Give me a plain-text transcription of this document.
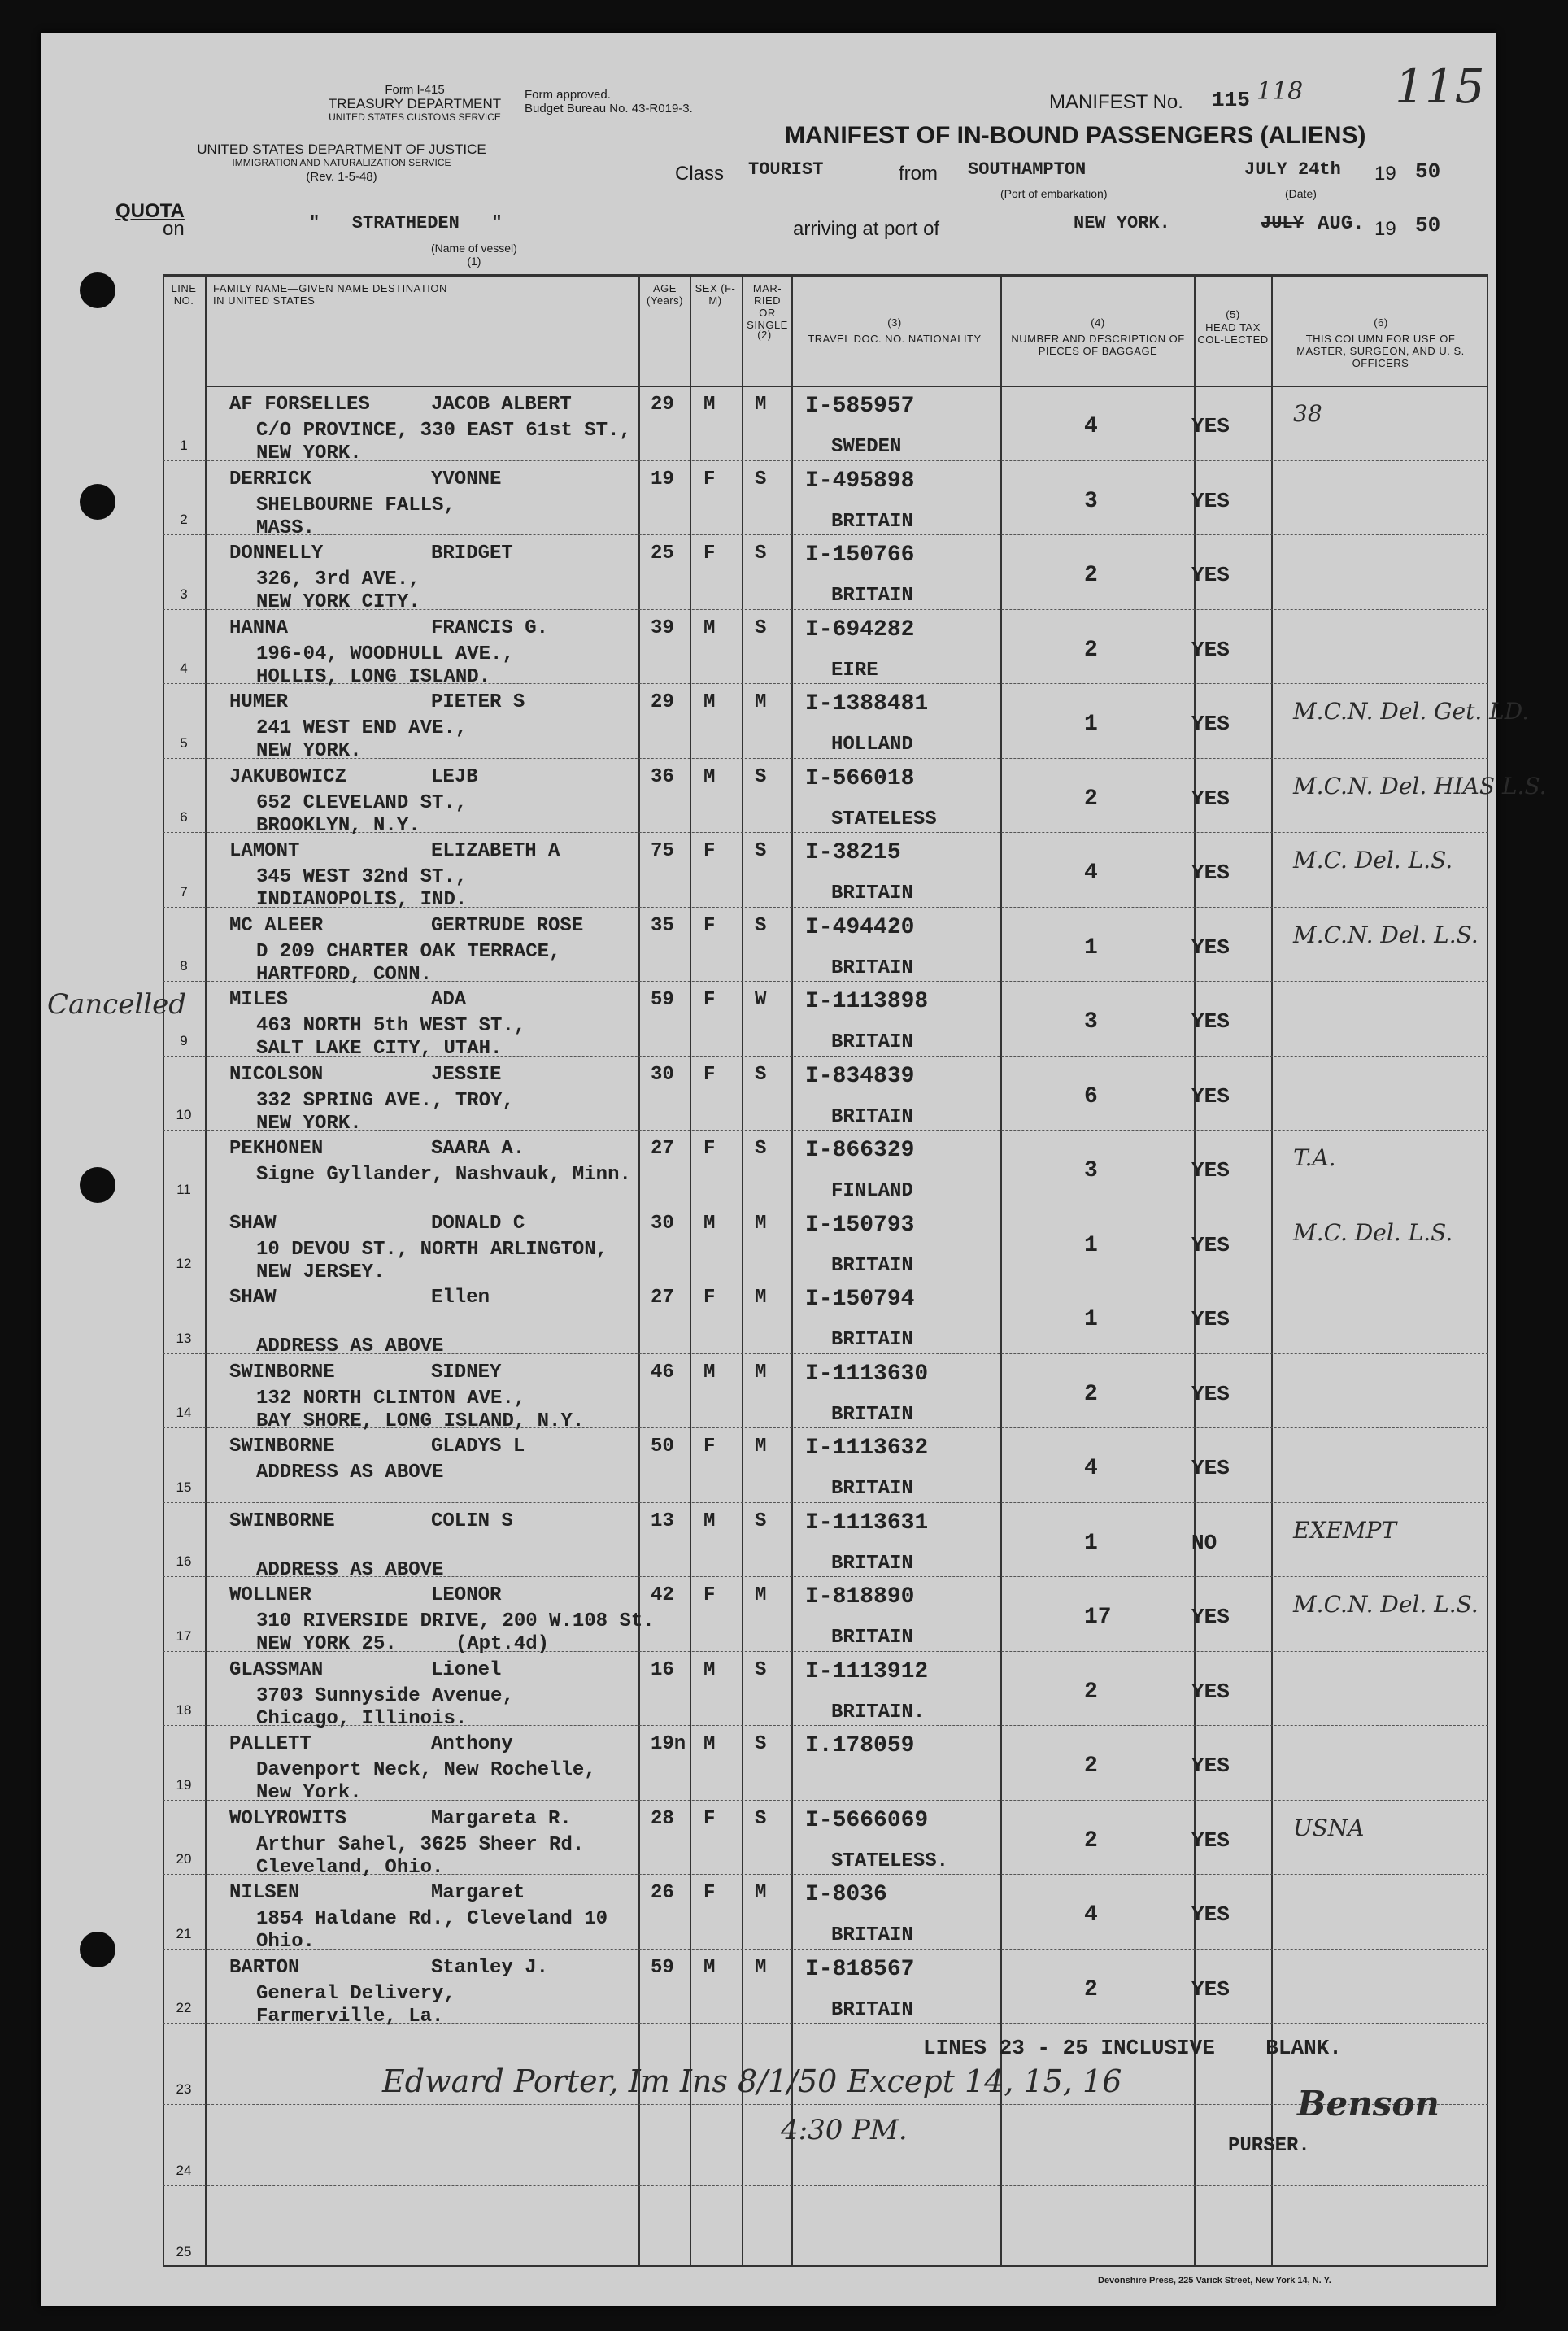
Form I-415
TREASURY DEPARTMENT
UNITED STATES CUSTOMS SERVICE
Form approved.
Budget Bureau No. 43-R019-3.
UNITED STATES DEPARTMENT OF JUSTICE
IMMIGRATION AND NATURALIZATION SERVICE
(Rev. 1-5-48)
MANIFEST No. 115 118 115
MANIFEST OF IN-BOUND PASSENGERS (ALIENS)
Class TOURIST	from SOUTHAMPTON
(Port of embarkation)
JULY 24th
(Date)
19 50
QUOTA
on	"   STRATHEDEN   "
(Name of vessel)
(1)
arriving at port of	NEW YORK.	JULY AUG. 19 50
LINE NO.
FAMILY NAME—GIVEN NAME DESTINATION IN UNITED STATES
AGE (Years)
SEX (F-M)
MAR-RIED OR SINGLE
TRAVEL DOC. NO. NATIONALITY	NUMBER AND DESCRIPTION OF PIECES OF BAGGAGE
HEAD TAX COL-LECTED	THIS COLUMN FOR USE OF MASTER, SURGEON, AND U. S. OFFICERS
(2)
(3)	(4)
(5)
(6)
1
AF FORSELLES	JACOB ALBERT
C/O PROVINCE, 330 EAST 61st ST.,
NEW YORK.
29 M M I-585957
SWEDEN
4	YES	38
2
DERRICK	YVONNE
SHELBOURNE FALLS,
MASS.
19 F S I-495898
BRITAIN
3	YES
3
DONNELLY	BRIDGET
326, 3rd AVE.,
NEW YORK CITY.
25 F S I-150766
BRITAIN
2	YES
4
HANNA	FRANCIS G.
196-04, WOODHULL AVE.,
HOLLIS, LONG ISLAND.
39 M S I-694282
EIRE
2	YES
5
HUMER	PIETER S
241 WEST END AVE.,
NEW YORK.
29 M M I-1388481
HOLLAND
1	YES	M.C.N. Del. Get. LD.
6
JAKUBOWICZ	LEJB
652 CLEVELAND ST.,
BROOKLYN, N.Y.
36 M S I-566018
STATELESS
2	YES	M.C.N. Del. HIAS L.S.
7
LAMONT	ELIZABETH A
345 WEST 32nd ST.,
INDIANOPOLIS, IND.
75 F S I-38215
BRITAIN
4	YES	M.C. Del. L.S.
8
MC ALEER	GERTRUDE ROSE
D 209 CHARTER OAK TERRACE,
HARTFORD, CONN.
35 F S I-494420
BRITAIN
1	YES	M.C.N. Del. L.S.
9
MILES	ADA
463 NORTH 5th WEST ST.,
SALT LAKE CITY, UTAH.
59 F W I-1113898
BRITAIN
3	YES
10
NICOLSON	JESSIE
332 SPRING AVE., TROY,
NEW YORK.
30 F S I-834839
BRITAIN
6	YES
11
PEKHONEN	SAARA A.
Signe Gyllander, Nashvauk, Minn.
27 F S I-866329
FINLAND
3	YES	T.A.
12
SHAW	DONALD C
10 DEVOU ST., NORTH ARLINGTON,
NEW JERSEY.
30 M M I-150793
BRITAIN
1	YES	M.C. Del. L.S.
13
SHAW	Ellen
ADDRESS AS ABOVE
27 F M I-150794
BRITAIN
1	YES
14
SWINBORNE	SIDNEY
132 NORTH CLINTON AVE.,
BAY SHORE, LONG ISLAND, N.Y.
46 M M I-1113630
BRITAIN
2	YES
15
SWINBORNE	GLADYS L
ADDRESS AS ABOVE
50 F M I-1113632
BRITAIN
4	YES
16
SWINBORNE	COLIN S
ADDRESS AS ABOVE
13 M S I-1113631
BRITAIN
1	NO	EXEMPT
17
WOLLNER	LEONOR
310 RIVERSIDE DRIVE, 200 W.108 St.
NEW YORK 25.     (Apt.4d)
42 F M I-818890
BRITAIN
17	YES	M.C.N. Del. L.S.
18
GLASSMAN	Lionel
3703 Sunnyside Avenue,
Chicago, Illinois.
16 M S I-1113912
BRITAIN.
2	YES
19
PALLETT	Anthony
Davenport Neck, New Rochelle,
New York.
19n M S I.178059
2	YES
20
WOLYROWITS	Margareta R.
Arthur Sahel, 3625 Sheer Rd.
Cleveland, Ohio.
28 F S I-5666069
STATELESS.
2	YES	USNA
21
NILSEN	Margaret
1854 Haldane Rd., Cleveland 10
Ohio.
26 F M I-8036
BRITAIN
4	YES
22
BARTON	Stanley J.
General Delivery,
Farmerville, La.
59 M M I-818567
BRITAIN
2	YES
23
24
25
LINES 23 - 25 INCLUSIVE    BLANK.
Edward Porter, Im Ins 8/1/50 Except 14, 15, 16
4:30 PM.
Benson
PURSER.
Cancelled
Devonshire Press, 225 Varick Street, New York 14, N. Y.
